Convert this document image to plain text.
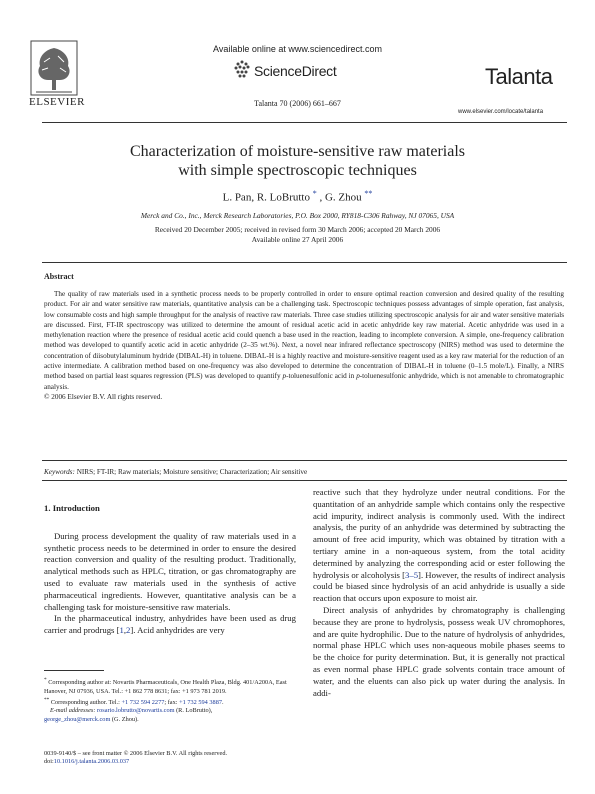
ELSEVIER
Available online at www.sciencedirect.com
ScienceDirect	Talanta
www.elsevier.com/locate/talanta
Talanta 70 (2006) 661–667
Characterization of moisture-sensitive raw materials
with simple spectroscopic techniques
L. Pan, R. LoBrutto * , G. Zhou **
Merck and Co., Inc., Merck Research Laboratories, P.O. Box 2000, RY818-C306 Rahway, NJ 07065, USA
Received 20 December 2005; received in revised form 30 March 2006; accepted 20 March 2006
Available online 27 April 2006
Abstract

The quality of raw materials used in a synthetic process needs to be properly controlled in order to ensure optimal reaction conversion and desired quality of the resulting product. For air and water sensitive raw materials, quantitative analysis can be a challenging task. Spectroscopic techniques possess advantages of simple operation, fast analysis, low consumable costs and high sample throughput for the analysis of reactive raw materials. Three case studies utilizing spectroscopic analysis for air and water sensitive materials are discussed. First, FT-IR spectroscopy was utilized to determine the amount of residual acetic acid in acetic anhydride key raw material. Acetic anhydride was used in a methylenation reaction where the presence of residual acetic acid could quench a base used in the reaction, leading to incomplete conversion. A simple, one-frequency calibration method was developed to quantify acetic acid in acetic anhydride (2–35 wt.%). Next, a novel near infrared reflectance spectroscopy (NIRS) method was used to determine the concentration of diisobutylaluminum hydride (DIBAL-H) in toluene. DIBAL-H is a highly reactive and moisture-sensitive reagent used as a key raw material for the reduction of an active intermediate. A calibration method based on one-frequency was also developed to determine the concentration of DIBAL-H in toluene (0–1.5 mole/L). Finally, a NIRS method based on partial least squares regression (PLS) was developed to quantify p-toluenesulfonic acid in p-toluenesulfonic anhydride, which is not amenable to chromatographic analysis.

© 2006 Elsevier B.V. All rights reserved.

Keywords: NIRS; FT-IR; Raw materials; Moisture sensitive; Characterization; Air sensitive

1. Introduction

During process development the quality of raw materials used in a synthetic process needs to be determined in order to ensure the desired reaction conversion and quality of the resulting product. Traditionally, analytical methods such as HPLC, titration, or gas chromatography are used to evaluate raw materials used in the synthesis of active pharmaceutical ingredients. However, quantitative analysis can be a challenging task for moisture-sensitive raw materials.

In the pharmaceutical industry, anhydrides have been used as drug carrier and prodrugs [1,2]. Acid anhydrides are very

reactive such that they hydrolyze under neutral conditions. For the quantitation of an anhydride sample which contains only the respective acid impurity, indirect analysis is commonly used. With the indirect analysis, the purity of an anhydride was determined by subtracting the amount of free acid impurity, which was obtained by titration with a tertiary amine in a non-aqueous system, from the total acidity determined by analyzing the corresponding acid or ester following the hydrolysis or alcoholysis [3–5]. However, the results of indirect analysis could be biased since hydrolysis of an acid anhydride is usually a side reaction that occurs upon exposure to moist air.

Direct analysis of anhydrides by chromatography is challenging because they are prone to hydrolysis, possess weak UV chromophores, and are quite hydrophilic. Due to the nature of hydrolysis of anhydrides, normal phase HPLC which uses non-aqueous mobile phases seems to be the choice for purity determination. But, it is generally not practical as even normal phase HPLC grade solvents contain trace amount of water, and the eluents can also pick up water during the analysis. In addi-

* Corresponding author at: Novartis Pharmaceuticals, One Health Plaza, Bldg. 401/A200A, East Hanover, NJ 07936, USA. Tel.: +1 862 778 8631; fax: +1 973 781 2019.

** Corresponding author. Tel.: +1 732 594 2277; fax: +1 732 594 3887.

E-mail addresses: rosario.lobrutto@novartis.com (R. LoBrutto),

george_zhou@merck.com (G. Zhou).

0039-9140/$ – see front matter © 2006 Elsevier B.V. All rights reserved.
doi:10.1016/j.talanta.2006.03.037
